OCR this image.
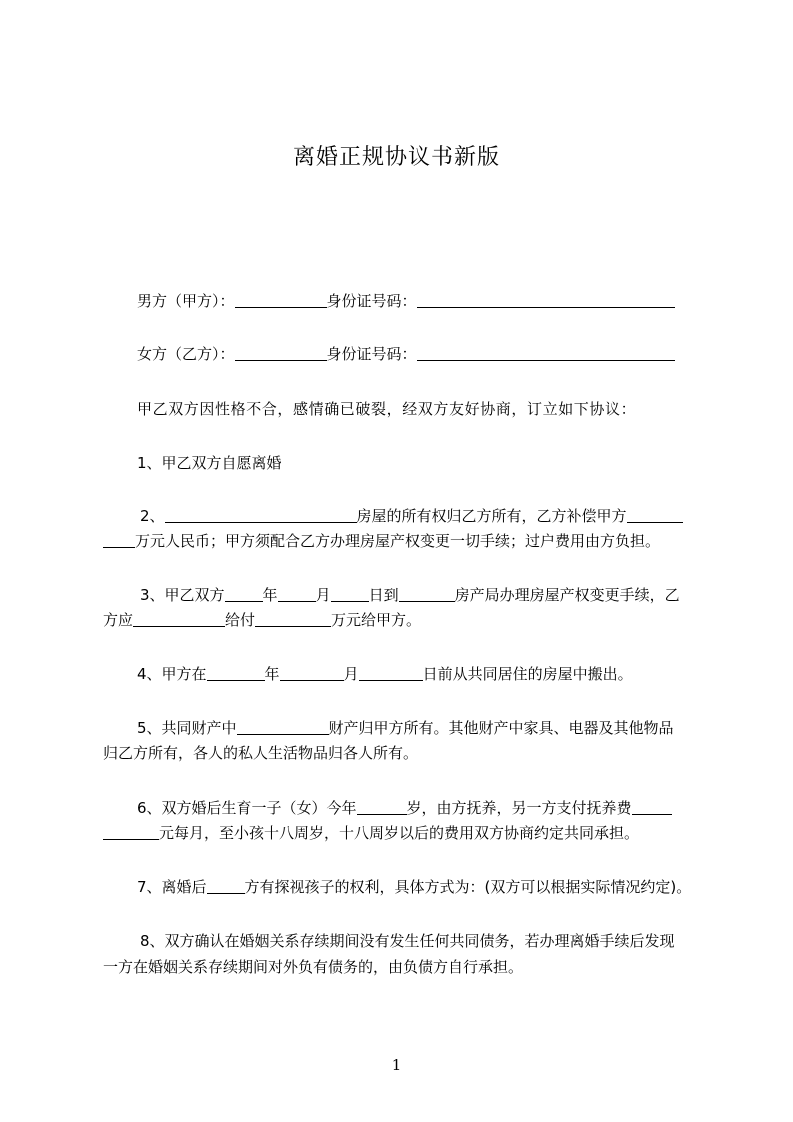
离婚正规协议书新版
男方（甲方）：	身份证号码：
女方（乙方）：	身份证号码：
甲乙双方因性格不合，感情确已破裂，经双方友好协商，订立如下协议：
1、甲乙双方自愿离婚
2、	房屋的所有权归乙方所有，乙方补偿甲方
万元人民币；甲方须配合乙方办理房屋产权变更一切手续；过户费用由方负担。
3、甲乙双方	年	月	日到	房产局办理房屋产权变更手续，乙
方应	给付	万元给甲方。
4、甲方在	年	月	日前从共同居住的房屋中搬出。
5、共同财产中	财产归甲方所有。其他财产中家具、电器及其他物品
归乙方所有，各人的私人生活物品归各人所有。
6、双方婚后生育一子（女）今年	岁，由方抚养，另一方支付抚养费
元每月，至小孩十八周岁，十八周岁以后的费用双方协商约定共同承担。
7、离婚后	方有探视孩子的权利，具体方式为：(双方可以根据实际情况约定)。
8、双方确认在婚姻关系存续期间没有发生任何共同债务，若办理离婚手续后发现
一方在婚姻关系存续期间对外负有债务的，由负债方自行承担。
1
